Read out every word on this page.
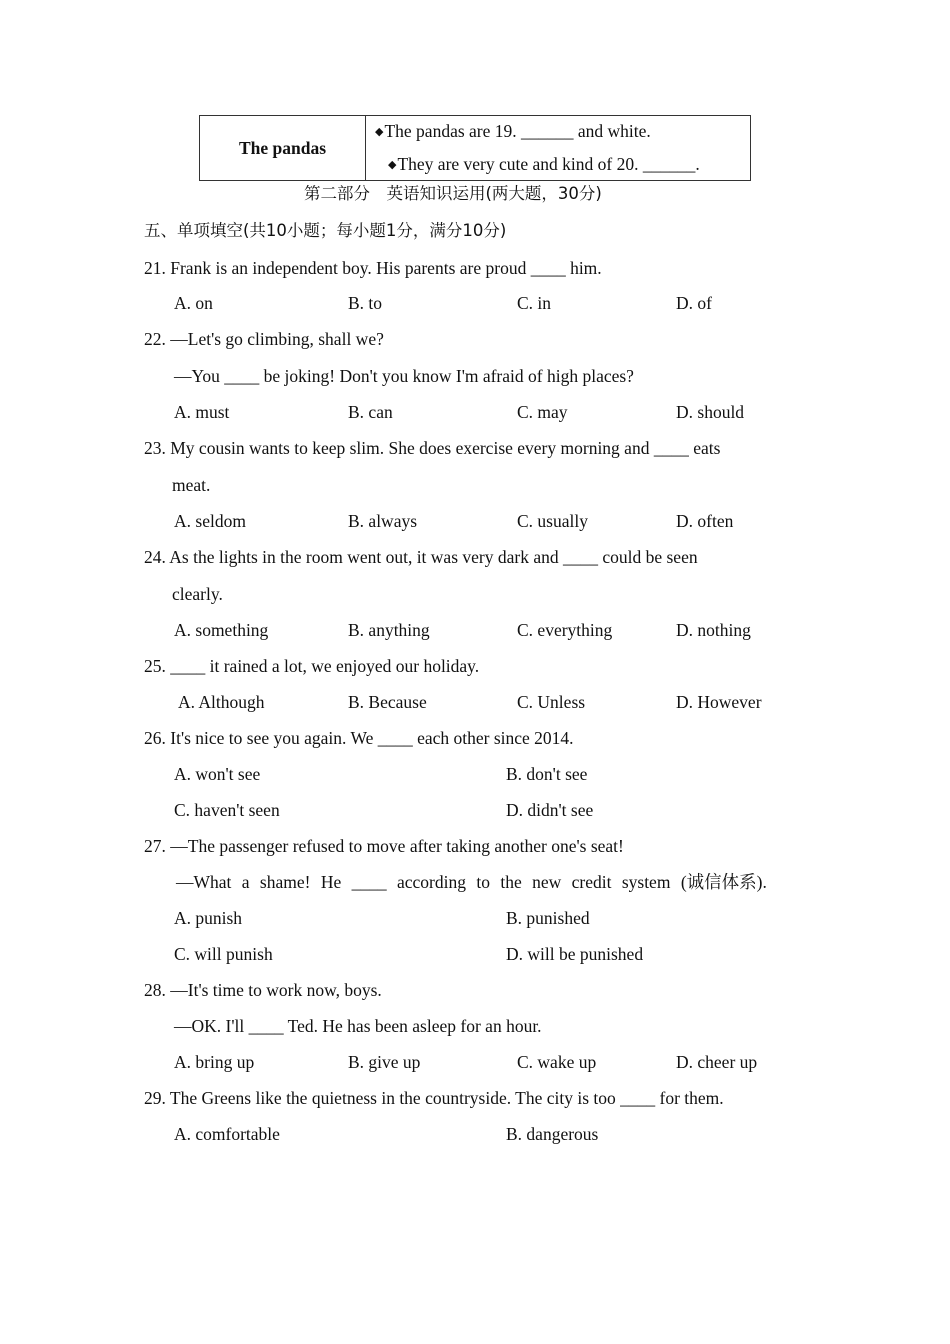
The pandas	
◆The pandas are 19. ______ and white.
◆They are very cute and kind of 20. ______.
第二部分　英语知识运用(两大题，30分)
五、单项填空(共10小题；每小题1分，满分10分)
21. Frank is an independent boy. His parents are proud ____ him.
A. on	B. to	C. in	D. of
22. —Let's go climbing, shall we?
—You ____ be joking! Don't you know I'm afraid of high places?
A. must	B. can	C. may	D. should
23. My cousin wants to keep slim. She does exercise every morning and ____ eats
meat.
A. seldom	B. always	C. usually	D. often
24. As the lights in the room went out, it was very dark and ____ could be seen
clearly.
A. something	B. anything	C. everything	D. nothing
25. ____ it rained a lot, we enjoyed our holiday.
A. Although	B. Because	C. Unless	D. However
26. It's nice to see you again. We ____ each other since 2014.
A. won't see	B. don't see
C. haven't seen	D. didn't see
27. —The passenger refused to move after taking another one's seat!
—What a shame! He ____ according to the new credit system (诚信体系).
A. punish	B. punished
C. will punish	D. will be punished
28. —It's time to work now, boys.
—OK. I'll ____ Ted. He has been asleep for an hour.
A. bring up	B. give up	C. wake up	D. cheer up
29. The Greens like the quietness in the countryside. The city is too ____ for them.
A. comfortable	B. dangerous
